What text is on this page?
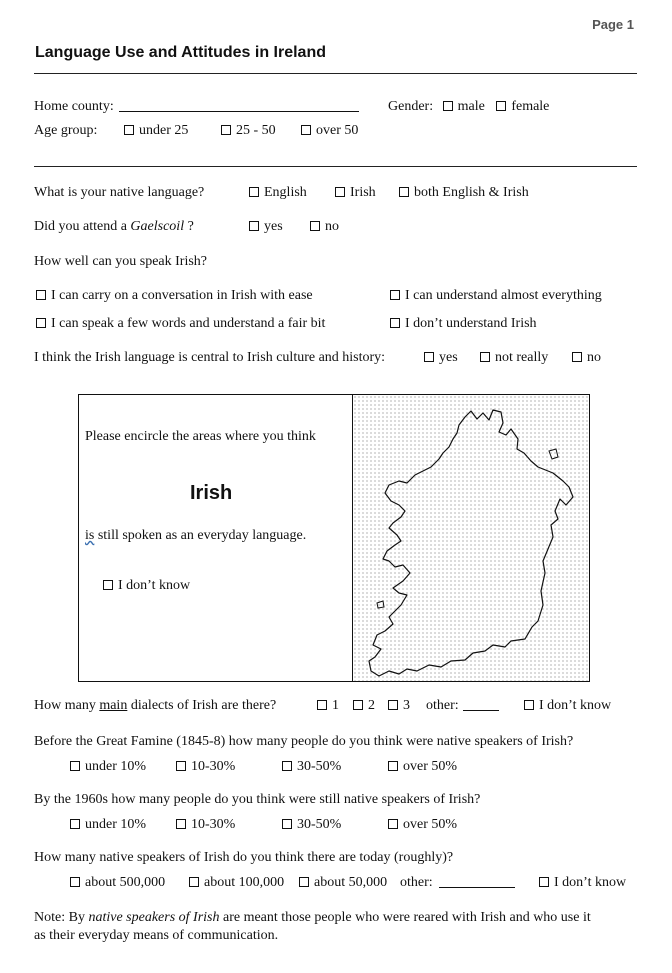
Page 1
Language Use and Attitudes in Ireland
Home county:	Gender: male female
Age group:	under 25	25 - 50	over 50
What is your native language?	English	Irish	both English & Irish
Did you attend a Gaelscoil ?	yes	no
How well can you speak Irish?
I can carry on a conversation in Irish with ease	I can understand almost everything
I can speak a few words and understand a fair bit	I don’t understand Irish
I think the Irish language is central to Irish culture and history:	yes	not really	no
Please encircle the areas where you think
Irish
is still spoken as an everyday language.
I don’t know
How many main dialects of Irish are there?	1	2	3 other:	I don’t know
Before the Great Famine (1845-8) how many people do you think were native speakers of Irish?
under 10%	10-30%	30-50%	over 50%
By the 1960s how many people do you think were still native speakers of Irish?
under 10%	10-30%	30-50%	over 50%
How many native speakers of Irish do you think there are today (roughly)?
about 500,000	about 100,000	about 50,000 other:	I don’t know
Note: By native speakers of Irish are meant those people who were reared with Irish and who use it
as their everyday means of communication.
